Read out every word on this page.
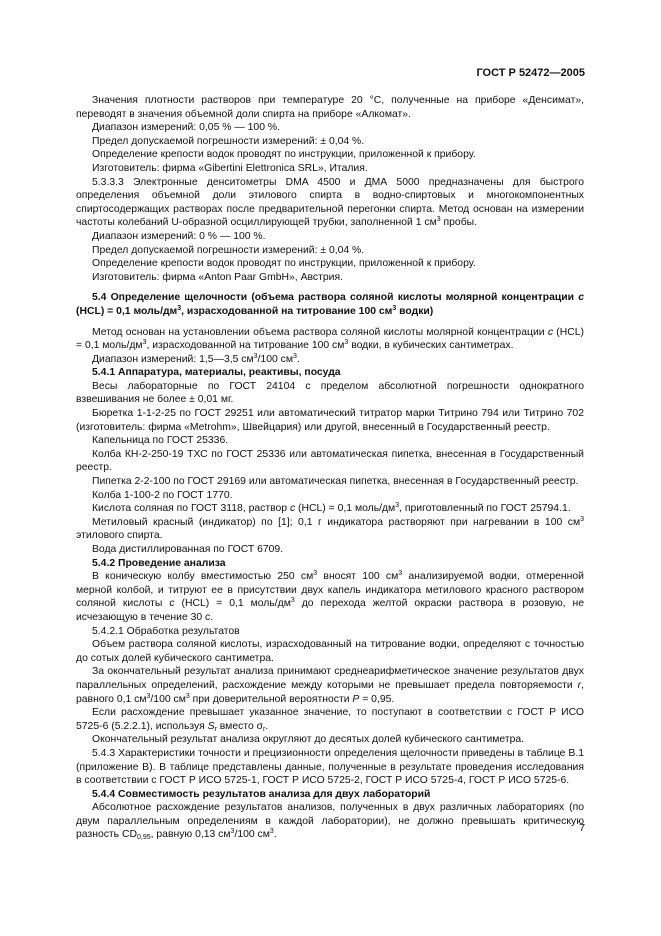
ГОСТ Р 52472—2005

Значения плотности растворов при температуре 20 °С, полученные на приборе «Денсимат», переводят в значения объемной доли спирта на приборе «Алкомат».

Диапазон измерений: 0,05 % — 100 %.

Предел допускаемой погрешности измерений: ± 0,04 %.

Определение крепости водок проводят по инструкции, приложенной к прибору.

Изготовитель: фирма «Gibertini Elettronica SRL», Италия.

5.3.3.3 Электронные денситометры DMA 4500 и ДМА 5000 предназначены для быстрого определения объемной доли этилового спирта в водно-спиртовых и многокомпонентных спиртосодержащих растворах после предварительной перегонки спирта. Метод основан на измерении частоты колебаний U-образной осциллирующей трубки, заполненной 1 $см^3$ пробы.

Диапазон измерений: 0 % — 100 %.

Предел допускаемой погрешности измерений: ± 0,04 %.

Определение крепости водок проводят по инструкции, приложенной к прибору.

Изготовитель: фирма «Anton Paar GmbH», Австрия.

5.4 Определение щелочности (объема раствора соляной кислоты молярной концентрации с (HCL) = 0,1 моль/$дм^3$, израсходованной на титрование 100 $см^3$ водки)

Метод основан на установлении объема раствора соляной кислоты молярной концентрации с (HCL) = 0,1 моль/$дм^3$, израсходованной на титрование 100 $см^3$ водки, в кубических сантиметрах.

Диапазон измерений: 1,5—3,5 $см^3/100$ $см^3$.

5.4.1 Аппаратура, материалы, реактивы, посуда

Весы лабораторные по ГОСТ 24104 с пределом абсолютной погрешности однократного взвешивания не более ± 0,01 мг.

Бюретка 1-1-2-25 по ГОСТ 29251 или автоматический титратор марки Титрино 794 или Титрино 702 (изготовитель: фирма «Metrohm», Швейцария) или другой, внесенный в Государственный реестр.

Капельница по ГОСТ 25336.

Колба КН-2-250-19 ТХС по ГОСТ 25336 или автоматическая пипетка, внесенная в Государственный реестр.

Пипетка 2-2-100 по ГОСТ 29169 или автоматическая пипетка, внесенная в Государственный реестр.

Колба 1-100-2 по ГОСТ 1770.

Кислота соляная по ГОСТ 3118, раствор с (HCL) = 0,1 моль/$дм^3$, приготовленный по ГОСТ 25794.1.

Метиловый красный (индикатор) по [1]; 0,1 г индикатора растворяют при нагревании в 100 $см^3$ этилового спирта.

Вода дистиллированная по ГОСТ 6709.

5.4.2 Проведение анализа

В коническую колбу вместимостью 250 $см^3$ вносят 100 $см^3$ анализируемой водки, отмеренной мерной колбой, и титруют ее в присутствии двух капель индикатора метилового красного раствором соляной кислоты с (HCL) = 0,1 моль/$дм^3$ до перехода желтой окраски раствора в розовую, не исчезающую в течение 30 с.

5.4.2.1 Обработка результатов

Объем раствора соляной кислоты, израсходованный на титрование водки, определяют с точностью до сотых долей кубического сантиметра.

За окончательный результат анализа принимают среднеарифметическое значение результатов двух параллельных определений, расхождение между которыми не превышает предела повторяемости r, равного 0,1 $см^3/100$ $см^3$ при доверительной вероятности P = 0,95.

Если расхождение превышает указанное значение, то поступают в соответствии с ГОСТ Р ИСО 5725-6 (5.2.2.1), используя $S_r$ вместо $\sigma_r$.

Окончательный результат анализа округляют до десятых долей кубического сантиметра.

5.4.3 Характеристики точности и прецизионности определения щелочности приведены в таблице В.1 (приложение В). В таблице представлены данные, полученные в результате проведения исследования в соответствии с ГОСТ Р ИСО 5725-1, ГОСТ Р ИСО 5725-2, ГОСТ Р ИСО 5725-4, ГОСТ Р ИСО 5725-6.

5.4.4 Совместимость результатов анализа для двух лабораторий

Абсолютное расхождение результатов анализов, полученных в двух различных лабораториях (по двум параллельным определениям в каждой лаборатории), не должно превышать критическую разность $CD_{0,95}$, равную 0,13 $см^3/100$ $см^3$.

7
